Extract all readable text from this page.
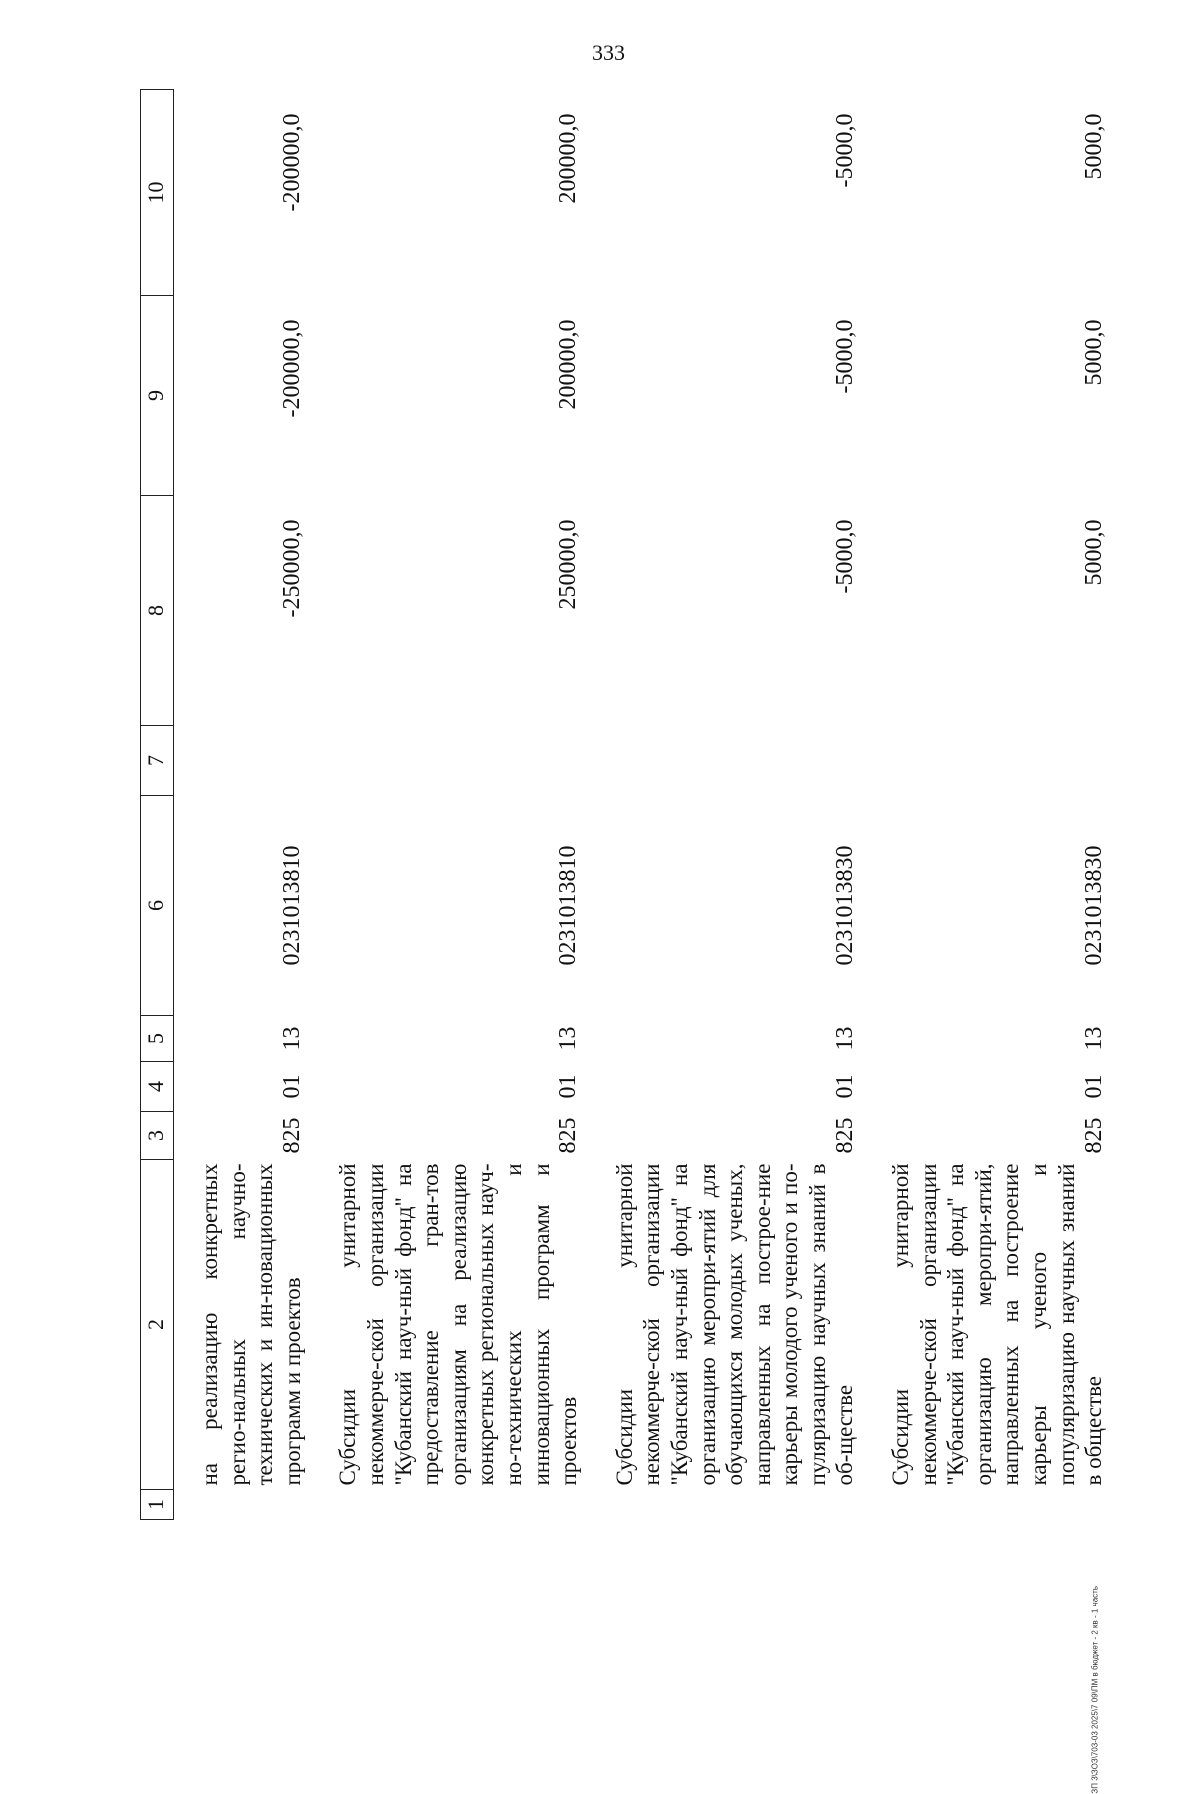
333
1	2	3	4	5	6	7	8	9	10
	на реализацию конкретных регио-нальных научно-технических и ин-новационных программ и проектов	825	01	13	0231013810		-250000,0	-200000,0	-200000,0
	Субсидии унитарной некоммерче-ской организации "Кубанский науч-ный фонд" на предоставление гран-тов организациям на реализацию конкретных региональных науч-но-технических и инновационных программ и проектов	825	01	13	0231013810		250000,0	200000,0	200000,0
	Субсидии унитарной некоммерче-ской организации "Кубанский науч-ный фонд" на организацию меропри-ятий для обучающихся молодых ученых, направленных на построе-ние карьеры молодого ученого и по-пуляризацию научных знаний в об-ществе	825	01	13	0231013830		-5000,0	-5000,0	-5000,0
	Субсидии унитарной некоммерче-ской организации "Кубанский науч-ный фонд" на организацию меропри-ятий, направленных на построение карьеры ученого и популяризацию научных знаний в обществе	825	01	13	0231013830		5000,0	5000,0	5000,0
ЗП 3\ЗОЗ\703-03 2025\7 09\ПМ в бюджет - 2 кв - 1 часть
